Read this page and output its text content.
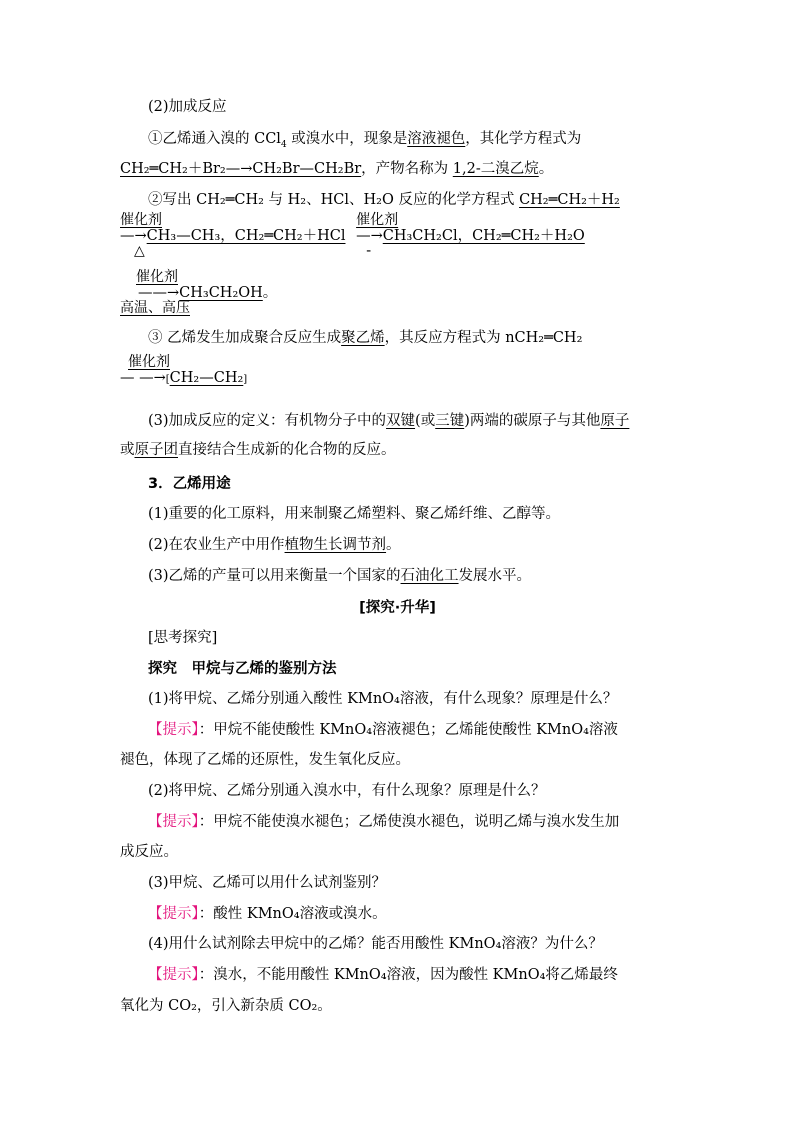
(2)加成反应
①乙烯通入溴的 CCl$_4$ 或溴水中，现象是溶液褪色，其化学方程式为
CH₂═CH₂＋Br₂—→CH₂Br—CH₂Br，产物名称为 1,2-二溴乙烷。
②写出 CH₂═CH₂ 与 H₂、HCl、H₂O 反应的化学方程式 CH₂═CH₂＋H₂
催化剂
△
—→CH₃—CH₃，CH₂═CH₂＋HCl
催化剂
-
—→CH₃CH₂Cl，CH₂═CH₂＋H₂O
催化剂
高温、高压
——→CH₃CH₂OH。
③ 乙烯发生加成聚合反应生成聚乙烯，其反应方程式为 nCH₂═CH₂
催化剂
— —→[CH₂—CH₂]
(3)加成反应的定义：有机物分子中的双键(或三键)两端的碳原子与其他原子
或原子团直接结合生成新的化合物的反应。
3．乙烯用途
(1)重要的化工原料，用来制聚乙烯塑料、聚乙烯纤维、乙醇等。
(2)在农业生产中用作植物生长调节剂。
(3)乙烯的产量可以用来衡量一个国家的石油化工发展水平。
[探究·升华]
[思考探究]
探究　甲烷与乙烯的鉴别方法
(1)将甲烷、乙烯分别通入酸性 KMnO₄溶液，有什么现象？原理是什么？
【提示】：甲烷不能使酸性 KMnO₄溶液褪色；乙烯能使酸性 KMnO₄溶液
褪色，体现了乙烯的还原性，发生氧化反应。
(2)将甲烷、乙烯分别通入溴水中，有什么现象？原理是什么？
【提示】：甲烷不能使溴水褪色；乙烯使溴水褪色，说明乙烯与溴水发生加
成反应。
(3)甲烷、乙烯可以用什么试剂鉴别？
【提示】：酸性 KMnO₄溶液或溴水。
(4)用什么试剂除去甲烷中的乙烯？能否用酸性 KMnO₄溶液？为什么？
【提示】：溴水，不能用酸性 KMnO₄溶液，因为酸性 KMnO₄将乙烯最终
氧化为 CO₂，引入新杂质 CO₂。
